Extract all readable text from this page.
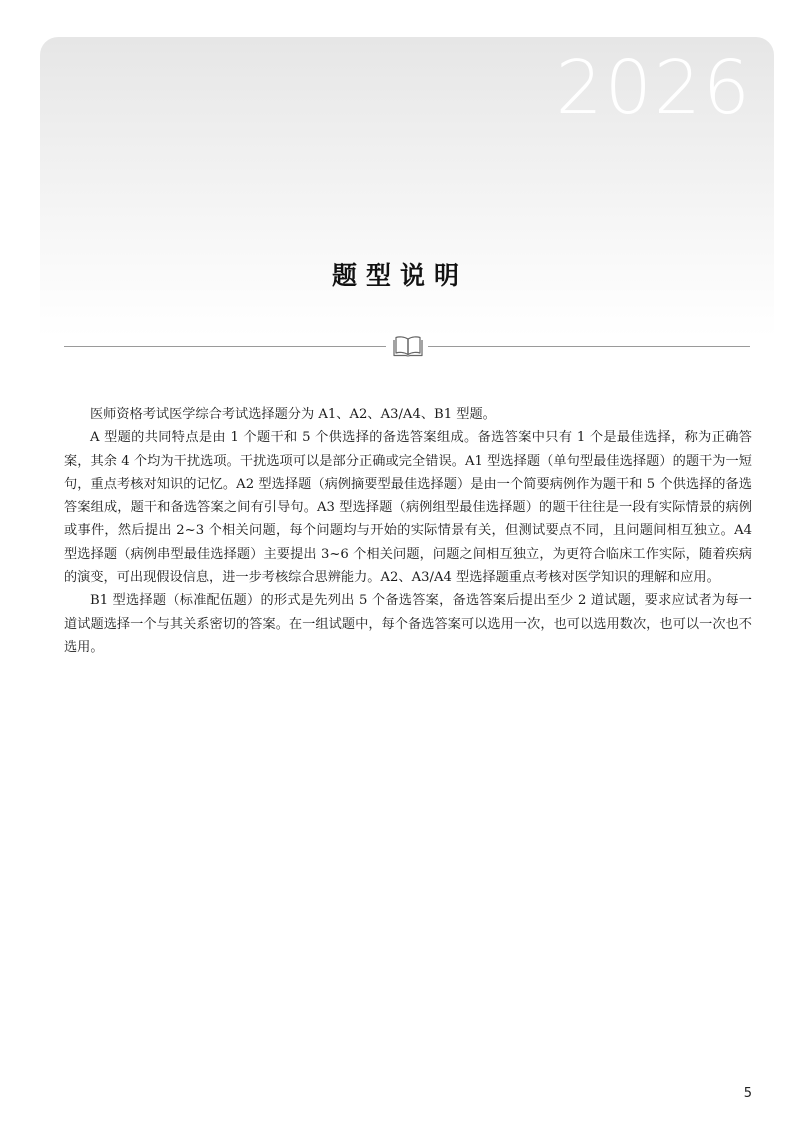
2026
题型说明

医师资格考试医学综合考试选择题分为 A1、A2、A3/A4、B1 型题。

A 型题的共同特点是由 1 个题干和 5 个供选择的备选答案组成。备选答案中只有 1 个是最佳选择，称为正确答案，其余 4 个均为干扰选项。干扰选项可以是部分正确或完全错误。A1 型选择题（单句型最佳选择题）的题干为一短句，重点考核对知识的记忆。A2 型选择题（病例摘要型最佳选择题）是由一个简要病例作为题干和 5 个供选择的备选答案组成，题干和备选答案之间有引导句。A3 型选择题（病例组型最佳选择题）的题干往往是一段有实际情景的病例或事件，然后提出 2~3 个相关问题，每个问题均与开始的实际情景有关，但测试要点不同，且问题间相互独立。A4 型选择题（病例串型最佳选择题）主要提出 3~6 个相关问题，问题之间相互独立，为更符合临床工作实际，随着疾病的演变，可出现假设信息，进一步考核综合思辨能力。A2、A3/A4 型选择题重点考核对医学知识的理解和应用。

B1 型选择题（标准配伍题）的形式是先列出 5 个备选答案，备选答案后提出至少 2 道试题，要求应试者为每一道试题选择一个与其关系密切的答案。在一组试题中，每个备选答案可以选用一次，也可以选用数次，也可以一次也不选用。

5
